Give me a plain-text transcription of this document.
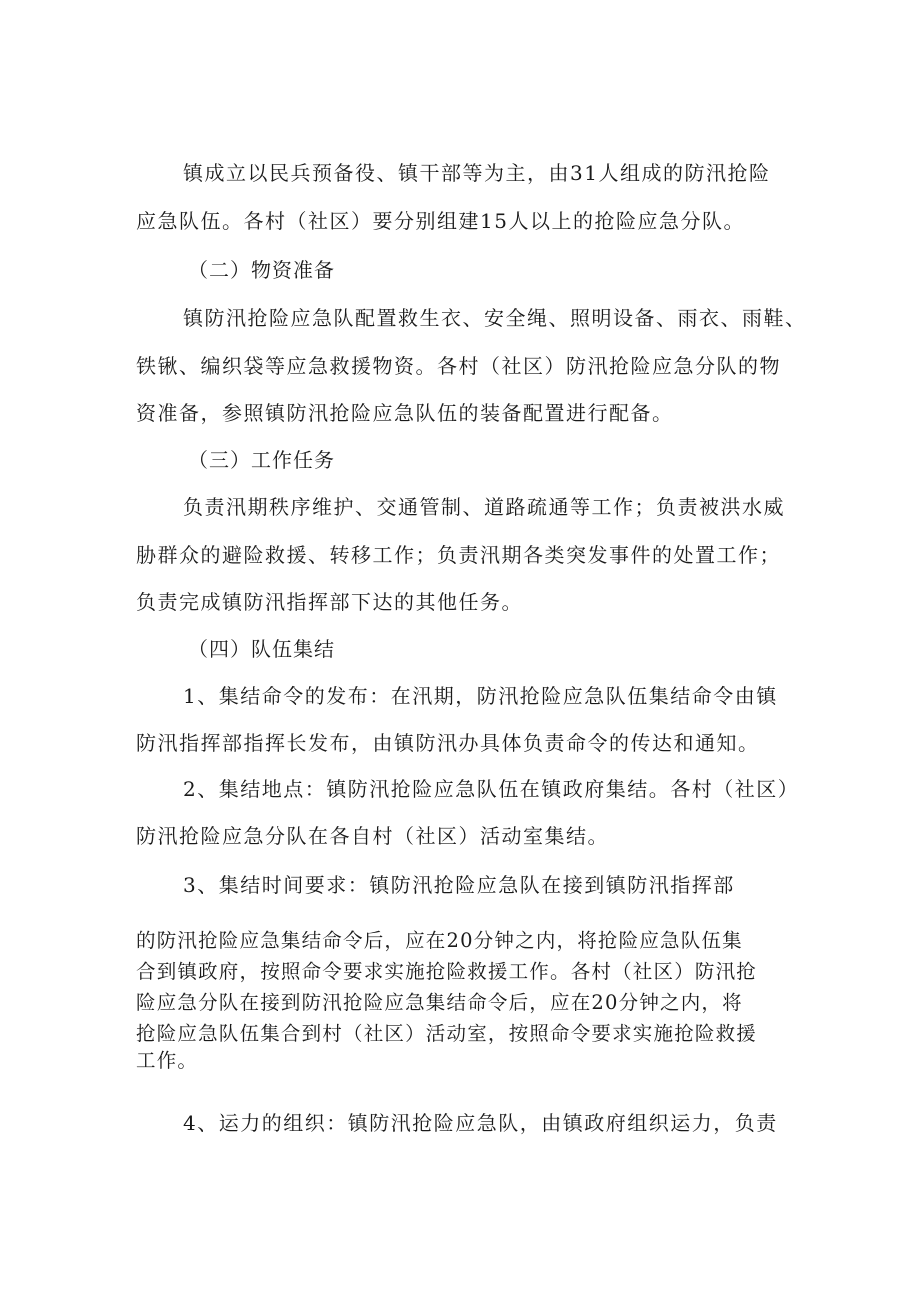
镇成立以民兵预备役、镇干部等为主，由31人组成的防汛抢险
应急队伍。各村（社区）要分别组建15人以上的抢险应急分队。
（二）物资准备
镇防汛抢险应急队配置救生衣、安全绳、照明设备、雨衣、雨鞋、
铁锹、编织袋等应急救援物资。各村（社区）防汛抢险应急分队的物
资准备，参照镇防汛抢险应急队伍的装备配置进行配备。
（三）工作任务
负责汛期秩序维护、交通管制、道路疏通等工作；负责被洪水威
胁群众的避险救援、转移工作；负责汛期各类突发事件的处置工作；
负责完成镇防汛指挥部下达的其他任务。
（四）队伍集结
1、集结命令的发布：在汛期，防汛抢险应急队伍集结命令由镇
防汛指挥部指挥长发布，由镇防汛办具体负责命令的传达和通知。
2、集结地点：镇防汛抢险应急队伍在镇政府集结。各村（社区）
防汛抢险应急分队在各自村（社区）活动室集结。
3、集结时间要求：镇防汛抢险应急队在接到镇防汛指挥部
的防汛抢险应急集结命令后，应在20分钟之内，将抢险应急队伍集
合到镇政府，按照命令要求实施抢险救援工作。各村（社区）防汛抢
险应急分队在接到防汛抢险应急集结命令后，应在20分钟之内，将
抢险应急队伍集合到村（社区）活动室，按照命令要求实施抢险救援
工作。
4、运力的组织：镇防汛抢险应急队，由镇政府组织运力，负责
